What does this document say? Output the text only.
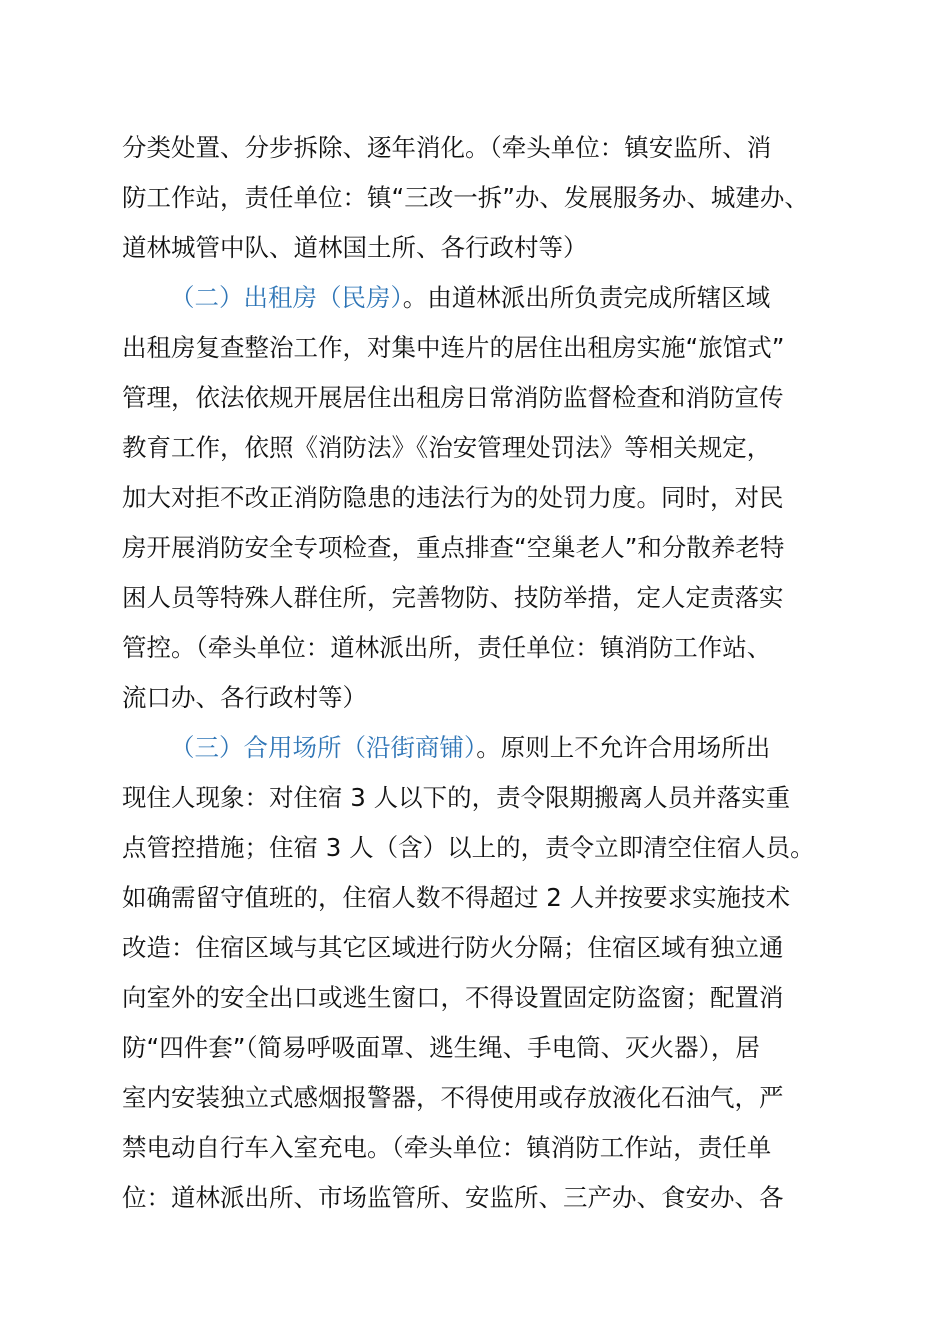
分类处置、分步拆除、逐年消化。（牵头单位：镇安监所、消
防工作站，责任单位：镇“三改一拆”办、发展服务办、城建办、
道林城管中队、道林国土所、各行政村等）
（二）出租房（民房）。由道林派出所负责完成所辖区域
出租房复查整治工作，对集中连片的居住出租房实施“旅馆式”
管理，依法依规开展居住出租房日常消防监督检查和消防宣传
教育工作，依照《消防法》《治安管理处罚法》等相关规定，
加大对拒不改正消防隐患的违法行为的处罚力度。同时，对民
房开展消防安全专项检查，重点排查“空巢老人”和分散养老特
困人员等特殊人群住所，完善物防、技防举措，定人定责落实
管控。（牵头单位：道林派出所，责任单位：镇消防工作站、
流口办、各行政村等）
（三）合用场所（沿街商铺）。原则上不允许合用场所出
现住人现象：对住宿 3 人以下的，责令限期搬离人员并落实重
点管控措施；住宿 3 人（含）以上的，责令立即清空住宿人员。
如确需留守值班的，住宿人数不得超过 2 人并按要求实施技术
改造：住宿区域与其它区域进行防火分隔；住宿区域有独立通
向室外的安全出口或逃生窗口，不得设置固定防盗窗；配置消
防“四件套”（简易呼吸面罩、逃生绳、手电筒、灭火器），居
室内安装独立式感烟报警器，不得使用或存放液化石油气，严
禁电动自行车入室充电。（牵头单位：镇消防工作站，责任单
位：道林派出所、市场监管所、安监所、三产办、食安办、各
